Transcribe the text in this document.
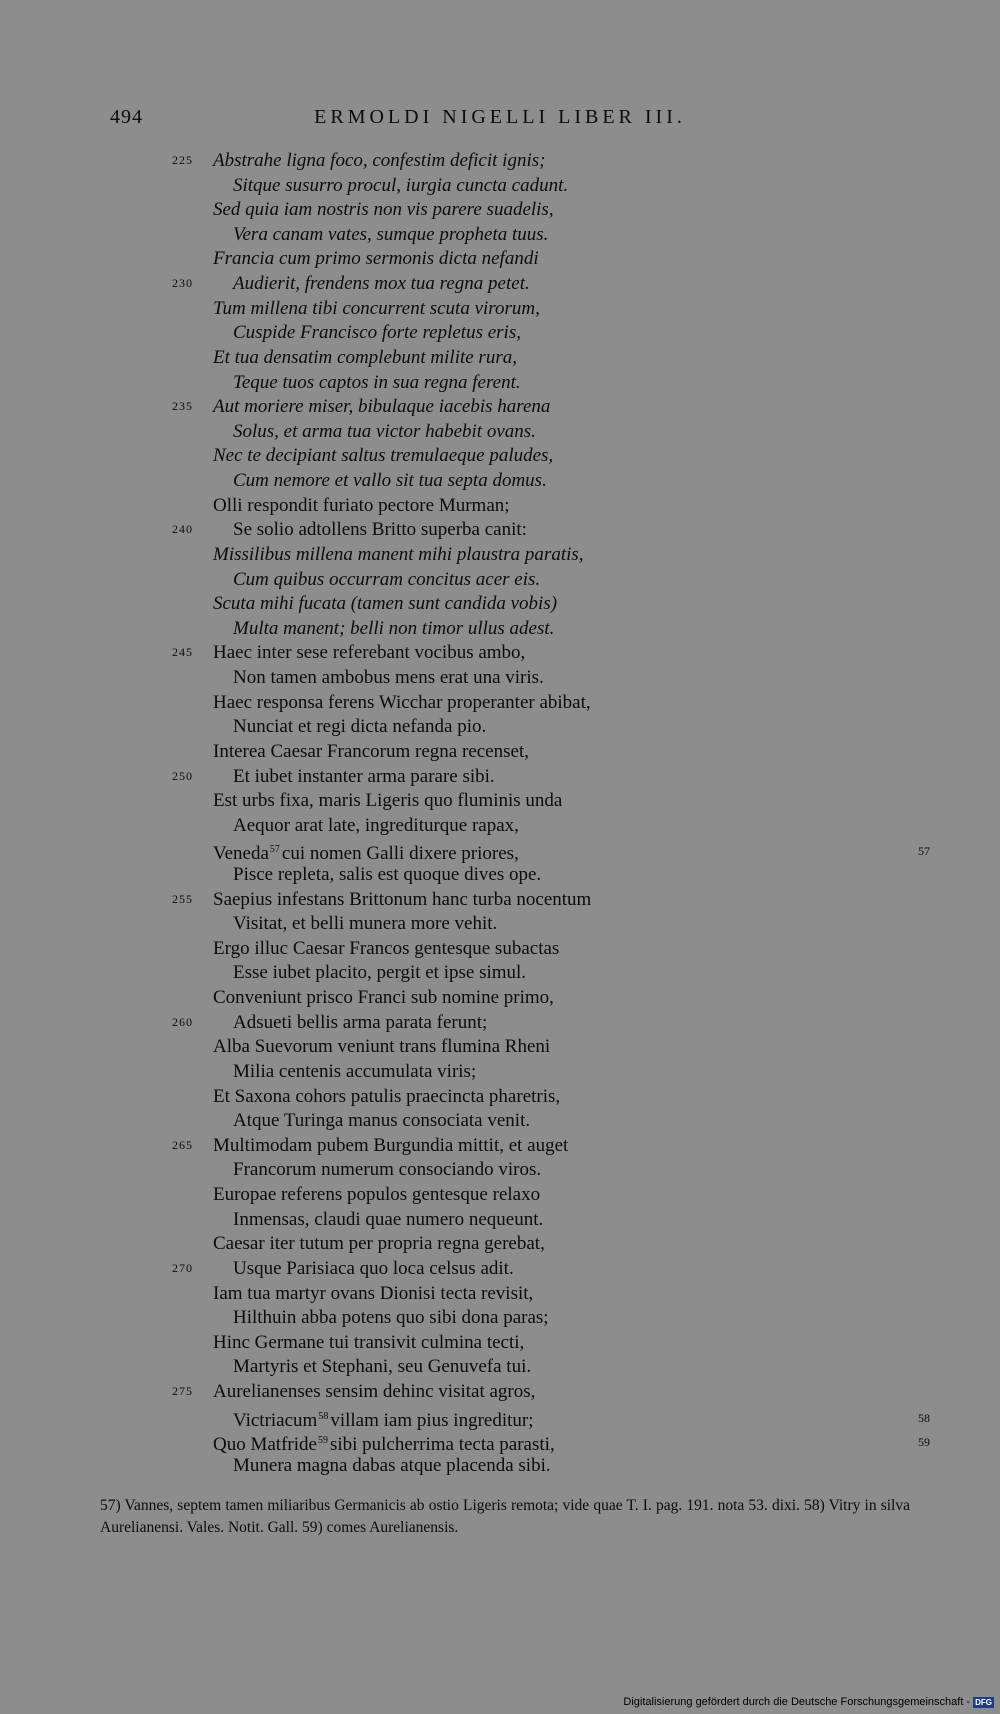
494	ERMOLDI NIGELLI LIBER III.
225	Abstrahe ligna foco, confestim deficit ignis;
Sitque susurro procul, iurgia cuncta cadunt.
Sed quia iam nostris non vis parere suadelis,
Vera canam vates, sumque propheta tuus.
Francia cum primo sermonis dicta nefandi
230	Audierit, frendens mox tua regna petet.
Tum millena tibi concurrent scuta virorum,
Cuspide Francisco forte repletus eris,
Et tua densatim complebunt milite rura,
Teque tuos captos in sua regna ferent.
235	Aut moriere miser, bibulaque iacebis harena
Solus, et arma tua victor habebit ovans.
Nec te decipiant saltus tremulaeque paludes,
Cum nemore et vallo sit tua septa domus.
Olli respondit furiato pectore Murman;
240	Se solio adtollens Britto superba canit:
Missilibus millena manent mihi plaustra paratis,
Cum quibus occurram concitus acer eis.
Scuta mihi fucata (tamen sunt candida vobis)
Multa manent; belli non timor ullus adest.
245	Haec inter sese referebant vocibus ambo,
Non tamen ambobus mens erat una viris.
Haec responsa ferens Wicchar properanter abibat,
Nunciat et regi dicta nefanda pio.
Interea Caesar Francorum regna recenset,
250	Et iubet instanter arma parare sibi.
Est urbs fixa, maris Ligeris quo fluminis unda
Aequor arat late, ingrediturque rapax,
Veneda$^{57}$ cui nomen Galli dixere priores,
Pisce repleta, salis est quoque dives ope.
255	Saepius infestans Brittonum hanc turba nocentum
Visitat, et belli munera more vehit.
Ergo illuc Caesar Francos gentesque subactas
Esse iubet placito, pergit et ipse simul.
Conveniunt prisco Franci sub nomine primo,
260	Adsueti bellis arma parata ferunt;
Alba Suevorum veniunt trans flumina Rheni
Milia centenis accumulata viris;
Et Saxona cohors patulis praecincta pharetris,
Atque Turinga manus consociata venit.
265	Multimodam pubem Burgundia mittit, et auget
Francorum numerum consociando viros.
Europae referens populos gentesque relaxo
Inmensas, claudi quae numero nequeunt.
Caesar iter tutum per propria regna gerebat,
270	Usque Parisiaca quo loca celsus adit.
Iam tua martyr ovans Dionisi tecta revisit,
Hilthuin abba potens quo sibi dona paras;
Hinc Germane tui transivit culmina tecti,
Martyris et Stephani, seu Genuvefa tui.
275	Aurelianenses sensim dehinc visitat agros,
Victriacum$^{58}$ villam iam pius ingreditur;
Quo Matfride$^{59}$ sibi pulcherrima tecta parasti,
Munera magna dabas atque placenda sibi.
57
58
59

57) Vannes, septem tamen miliaribus Germanicis ab ostio Ligeris remota; vide quae T. I. pag. 191. nota 53. dixi. 58) Vitry in silva Aurelianensi. Vales. Notit. Gall. 59) comes Aurelianensis.

Digitalisierung gefördert durch die Deutsche Forschungsgemeinschaft - DFG
